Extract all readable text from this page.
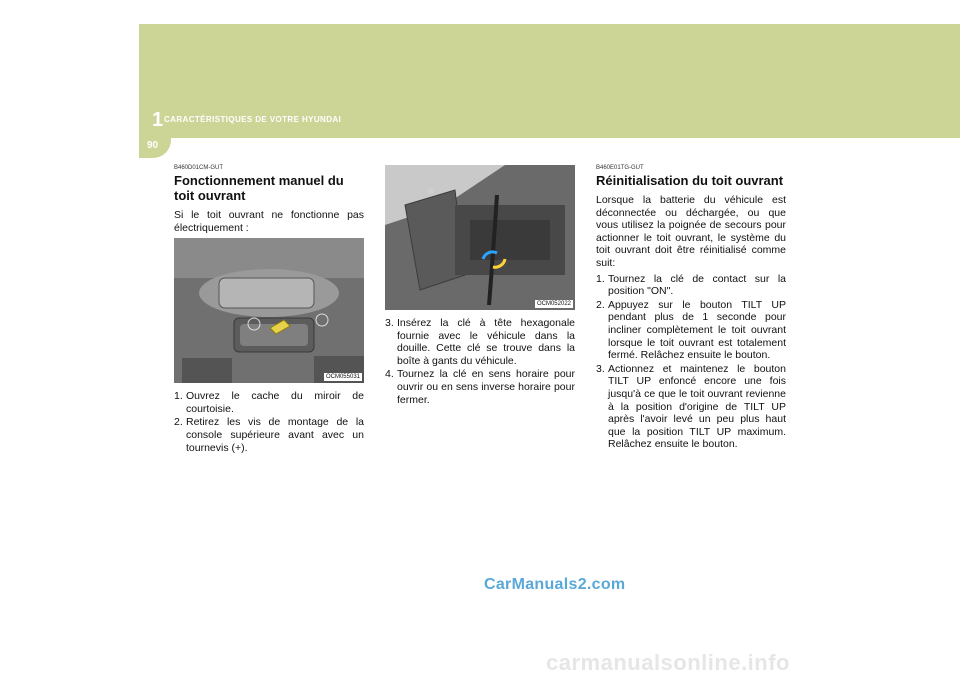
1 CARACTÉRISTIQUES DE VOTRE HYUNDAI
90
B460D01CM-GUT
Fonctionnement manuel du toit ouvrant
Si le toit ouvrant ne fonctionne pas électriquement :
OCM055031
1. Ouvrez le cache du miroir de courtoisie.
2. Retirez les vis de montage de la console supérieure avant avec un tournevis (+).
OCM052022
3. Insérez la clé à tête hexagonale fournie avec le véhicule dans la douille. Cette clé se trouve dans la boîte à gants du véhicule.
4. Tournez la clé en sens horaire pour ouvrir ou en sens inverse horaire pour fermer.
B460E01TG-GUT
Réinitialisation du toit ouvrant
Lorsque la batterie du véhicule est déconnectée ou déchargée, ou que vous utilisez la poignée de secours pour actionner le toit ouvrant, le système du toit ouvrant doit être réinitialisé comme suit:
1. Tournez la clé de contact sur la position "ON".
2. Appuyez sur le bouton TILT UP pendant plus de 1 seconde pour incliner complètement le toit ouvrant lorsque le toit ouvrant est totalement fermé. Relâchez ensuite le bouton.
3. Actionnez et maintenez le bouton TILT UP enfoncé encore une fois jusqu'à ce que le toit ouvrant revienne à la position d'origine de TILT UP après l'avoir levé un peu plus haut que la position TILT UP maximum. Relâchez ensuite le bouton.
CarManuals2.com
carmanualsonline.info
